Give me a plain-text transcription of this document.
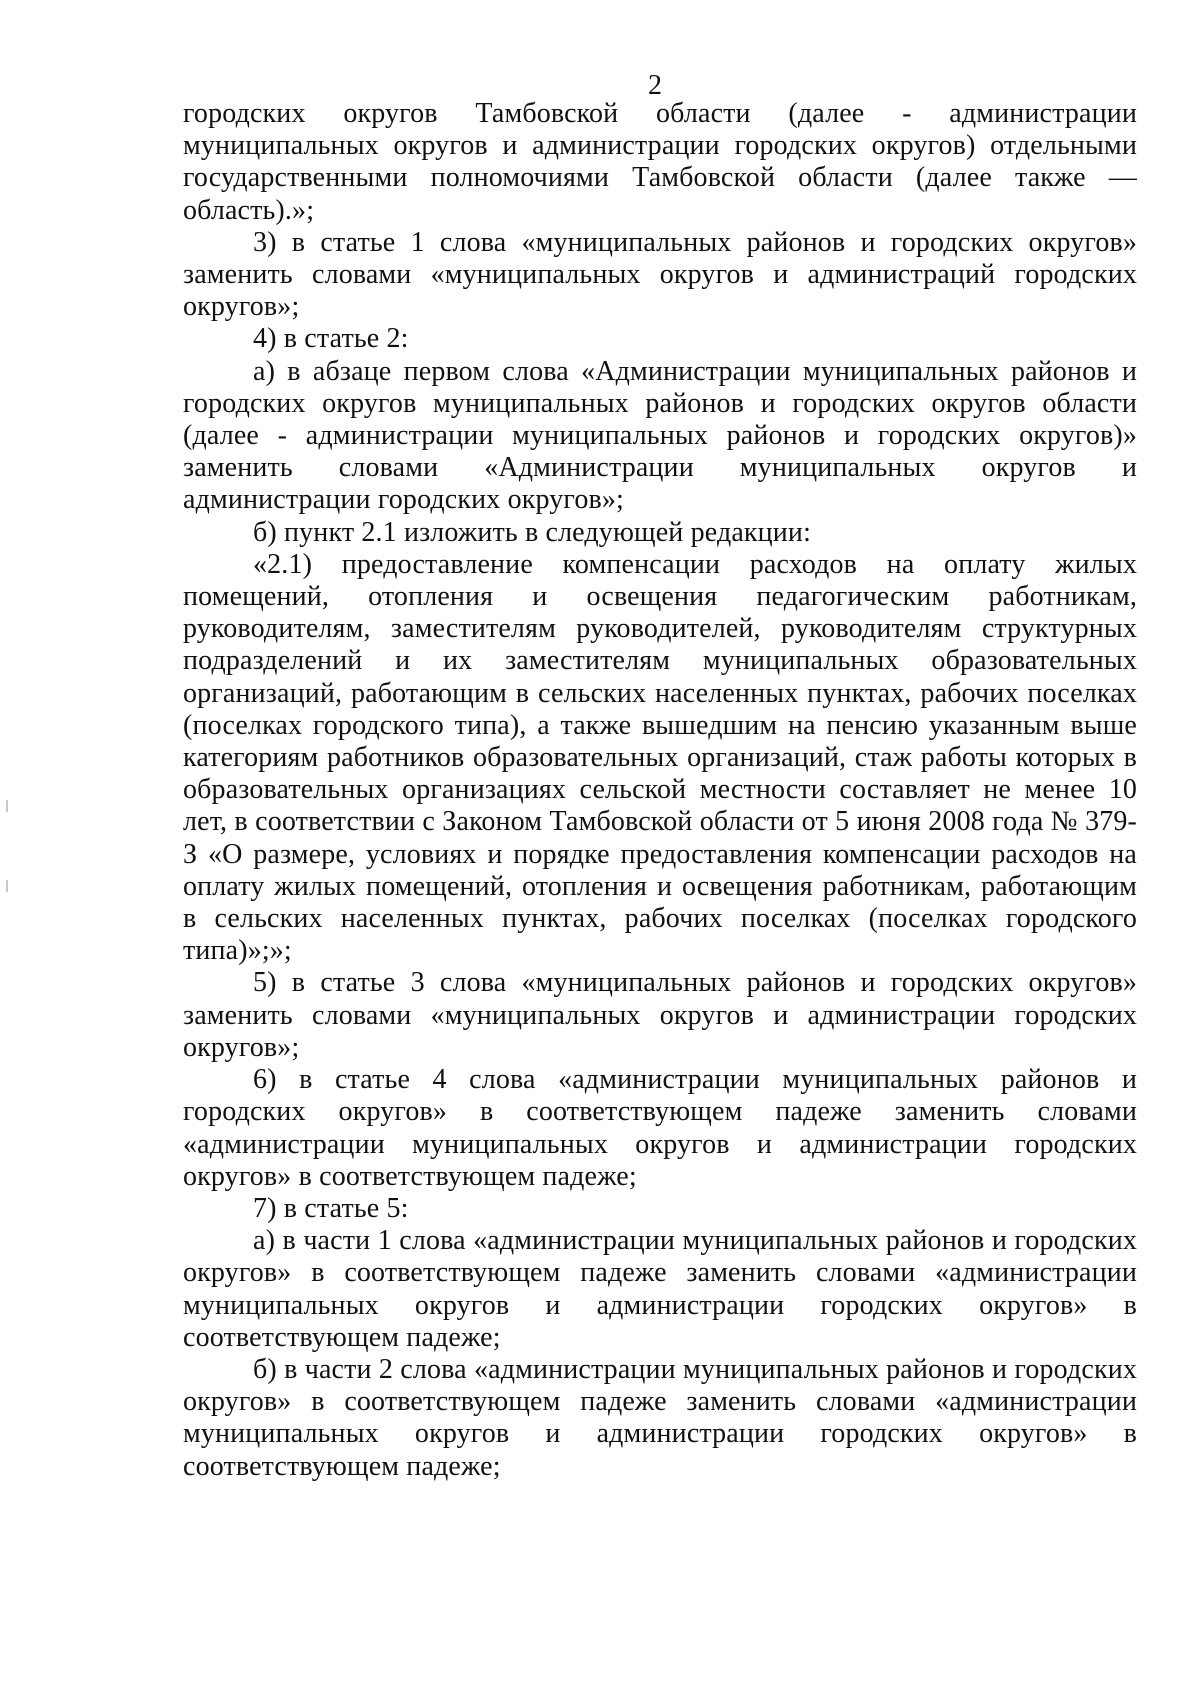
2

городских округов Тамбовской области (далее - администрации муниципальных округов и администрации городских округов) отдельными государственными полномочиями Тамбовской области (далее также — область).»;

3) в статье 1 слова «муниципальных районов и городских округов» заменить словами «муниципальных округов и администраций городских округов»;

4) в статье 2:

а) в абзаце первом слова «Администрации муниципальных районов и городских округов муниципальных районов и городских округов области (далее - администрации муниципальных районов и городских округов)» заменить словами «Администрации муниципальных округов и администрации городских округов»;

б) пункт 2.1 изложить в следующей редакции:

«2.1) предоставление компенсации расходов на оплату жилых помещений, отопления и освещения педагогическим работникам, руководителям, заместителям руководителей, руководителям структурных подразделений и их заместителям муниципальных образовательных организаций, работающим в сельских населенных пунктах, рабочих поселках (поселках городского типа), а также вышедшим на пенсию указанным выше категориям работников образовательных организаций, стаж работы которых в образовательных организациях сельской местности составляет не менее 10 лет, в соответствии с Законом Тамбовской области от 5 июня 2008 года № 379-З «О размере, условиях и порядке предоставления компенсации расходов на оплату жилых помещений, отопления и освещения работникам, работающим в сельских населенных пунктах, рабочих поселках (поселках городского типа)»;»;

5) в статье 3 слова «муниципальных районов и городских округов» заменить словами «муниципальных округов и администрации городских округов»;

6) в статье 4 слова «администрации муниципальных районов и городских округов» в соответствующем падеже заменить словами «администрации муниципальных округов и администрации городских округов» в соответствующем падеже;

7) в статье 5:

а) в части 1 слова «администрации муниципальных районов и городских округов» в соответствующем падеже заменить словами «администрации муниципальных округов и администрации городских округов» в соответствующем падеже;

б) в части 2 слова «администрации муниципальных районов и городских округов» в соответствующем падеже заменить словами «администрации муниципальных округов и администрации городских округов» в соответствующем падеже;
